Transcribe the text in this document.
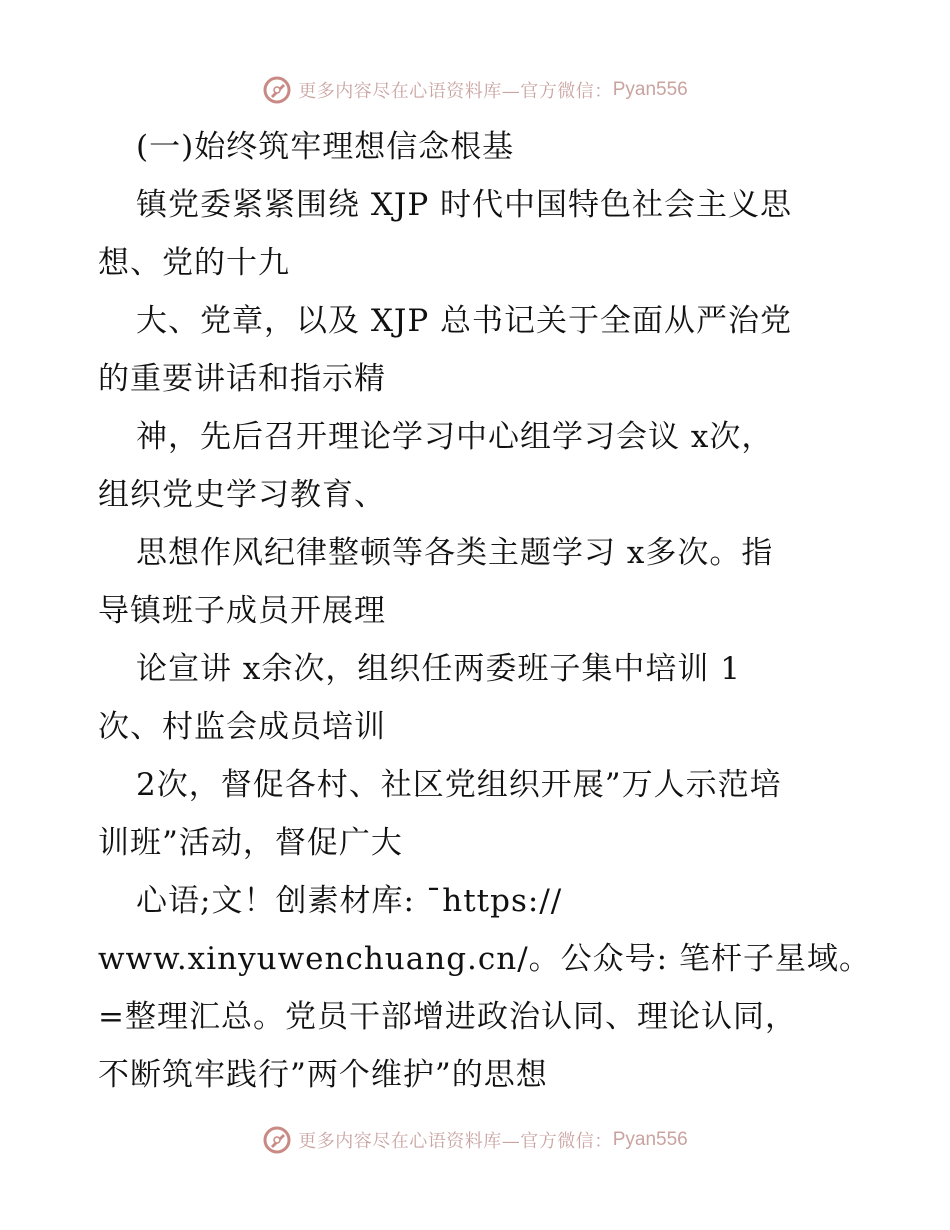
更多内容尽在心语资料库—官方微信： Pyan556
(一)始终筑牢理想信念根基
镇党委紧紧围绕 XJP 时代中国特色社会主义思
想、党的十九
大、党章，以及 XJP 总书记关于全面从严治党
的重要讲话和指示精
神，先后召开理论学习中心组学习会议 x次，
组织党史学习教育、
思想作风纪律整顿等各类主题学习 x多次。指
导镇班子成员开展理
论宣讲 x余次，组织任两委班子集中培训 1
次、村监会成员培训
2次，督促各村、社区党组织开展”万人示范培
训班”活动，督促广大
心语;文！创素材库: ¯https://
www.xinyuwenchuang.cn/。公众号: 笔杆子星域。
=整理汇总。党员干部增进政治认同、理论认同，
不断筑牢践行”两个维护”的思想
更多内容尽在心语资料库—官方微信： Pyan556
